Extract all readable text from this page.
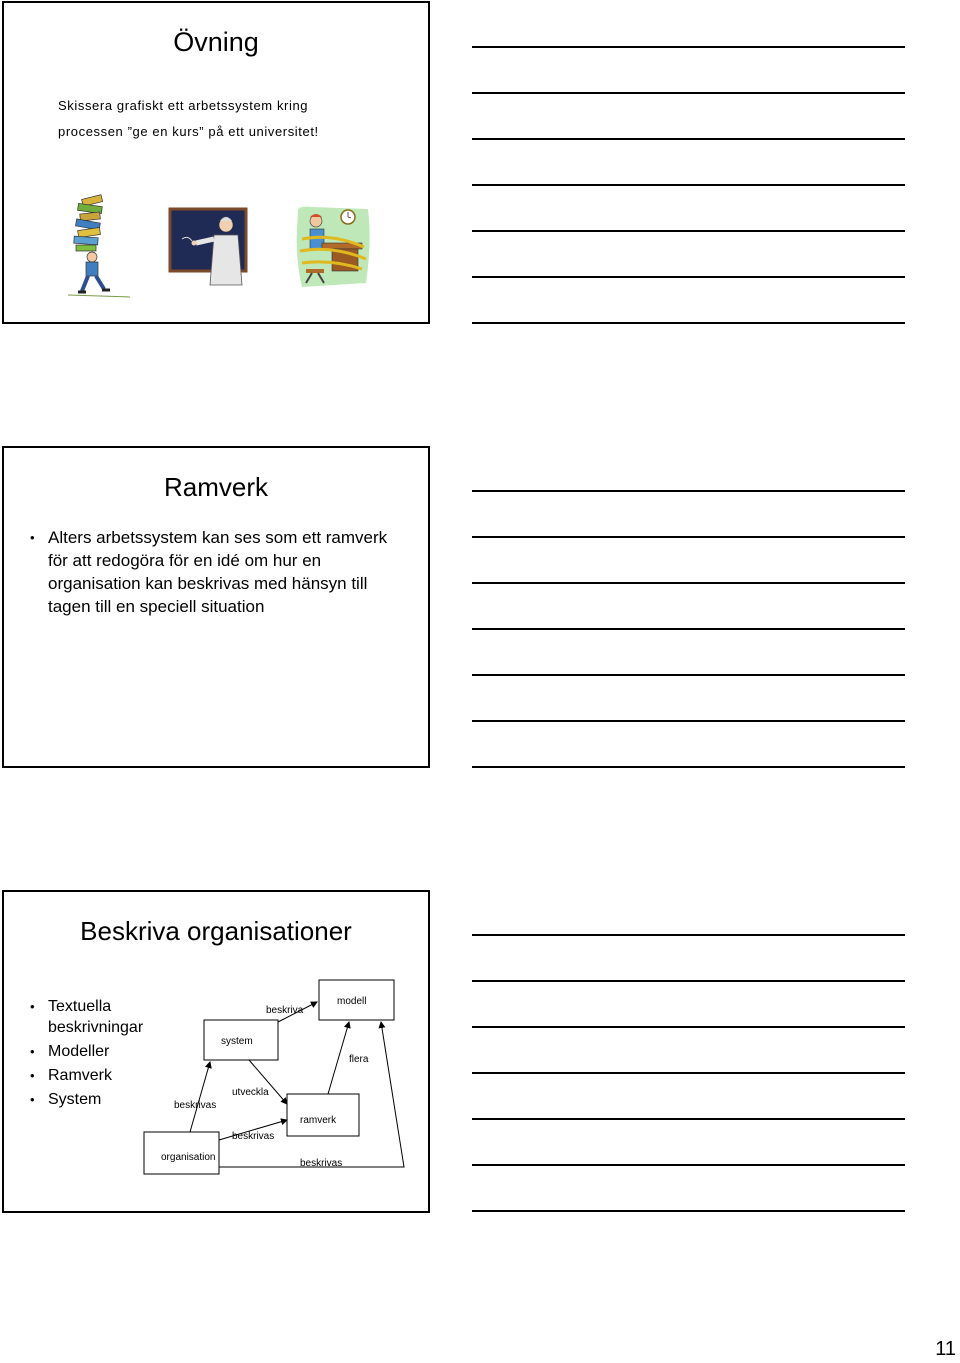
Övning
Skissera grafiskt ett arbetssystem kring
processen ”ge en kurs” på ett universitet!
Ramverk
• Alters arbetssystem kan ses som ett ramverk för att redogöra för en idé om hur en organisation kan beskrivas med hänsyn till tagen till en speciell situation
Beskriva organisationer
• Textuella beskrivningar
• Modeller
• Ramverk
• System
modell
system
ramverk
organisation
beskriva
flera
utveckla
beskrivas
beskrivas
beskrivas
11
